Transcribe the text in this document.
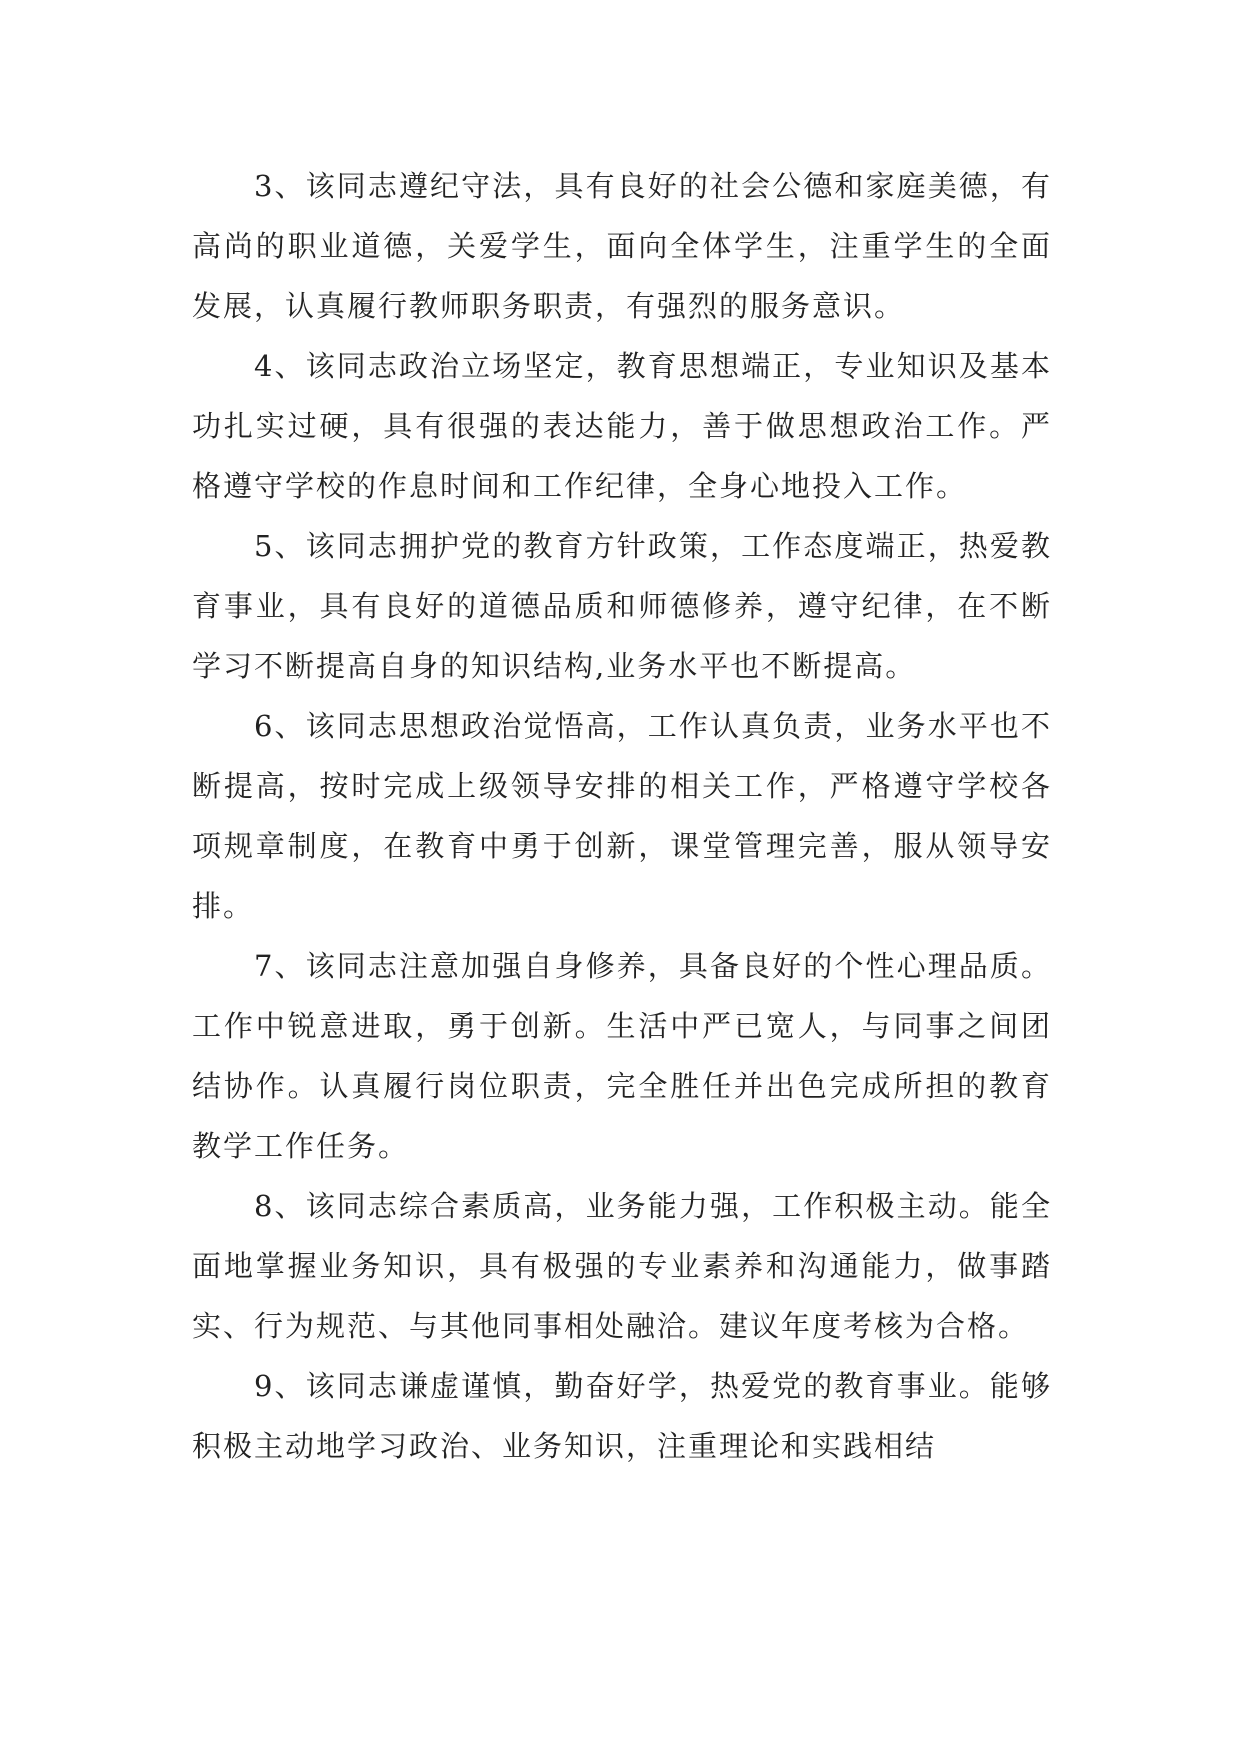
3、该同志遵纪守法，具有良好的社会公德和家庭美德，有高尚的职业道德，关爱学生，面向全体学生，注重学生的全面发展，认真履行教师职务职责，有强烈的服务意识。

4、该同志政治立场坚定，教育思想端正，专业知识及基本功扎实过硬，具有很强的表达能力，善于做思想政治工作。严格遵守学校的作息时间和工作纪律，全身心地投入工作。

5、该同志拥护党的教育方针政策，工作态度端正，热爱教育事业，具有良好的道德品质和师德修养，遵守纪律，在不断学习不断提高自身的知识结构,业务水平也不断提高。

6、该同志思想政治觉悟高，工作认真负责，业务水平也不断提高，按时完成上级领导安排的相关工作，严格遵守学校各项规章制度，在教育中勇于创新，课堂管理完善，服从领导安排。

7、该同志注意加强自身修养，具备良好的个性心理品质。工作中锐意进取，勇于创新。生活中严已宽人，与同事之间团结协作。认真履行岗位职责，完全胜任并出色完成所担的教育教学工作任务。

8、该同志综合素质高，业务能力强，工作积极主动。能全面地掌握业务知识，具有极强的专业素养和沟通能力，做事踏实、行为规范、与其他同事相处融洽。建议年度考核为合格。

9、该同志谦虚谨慎，勤奋好学，热爱党的教育事业。能够积极主动地学习政治、业务知识，注重理论和实践相结
